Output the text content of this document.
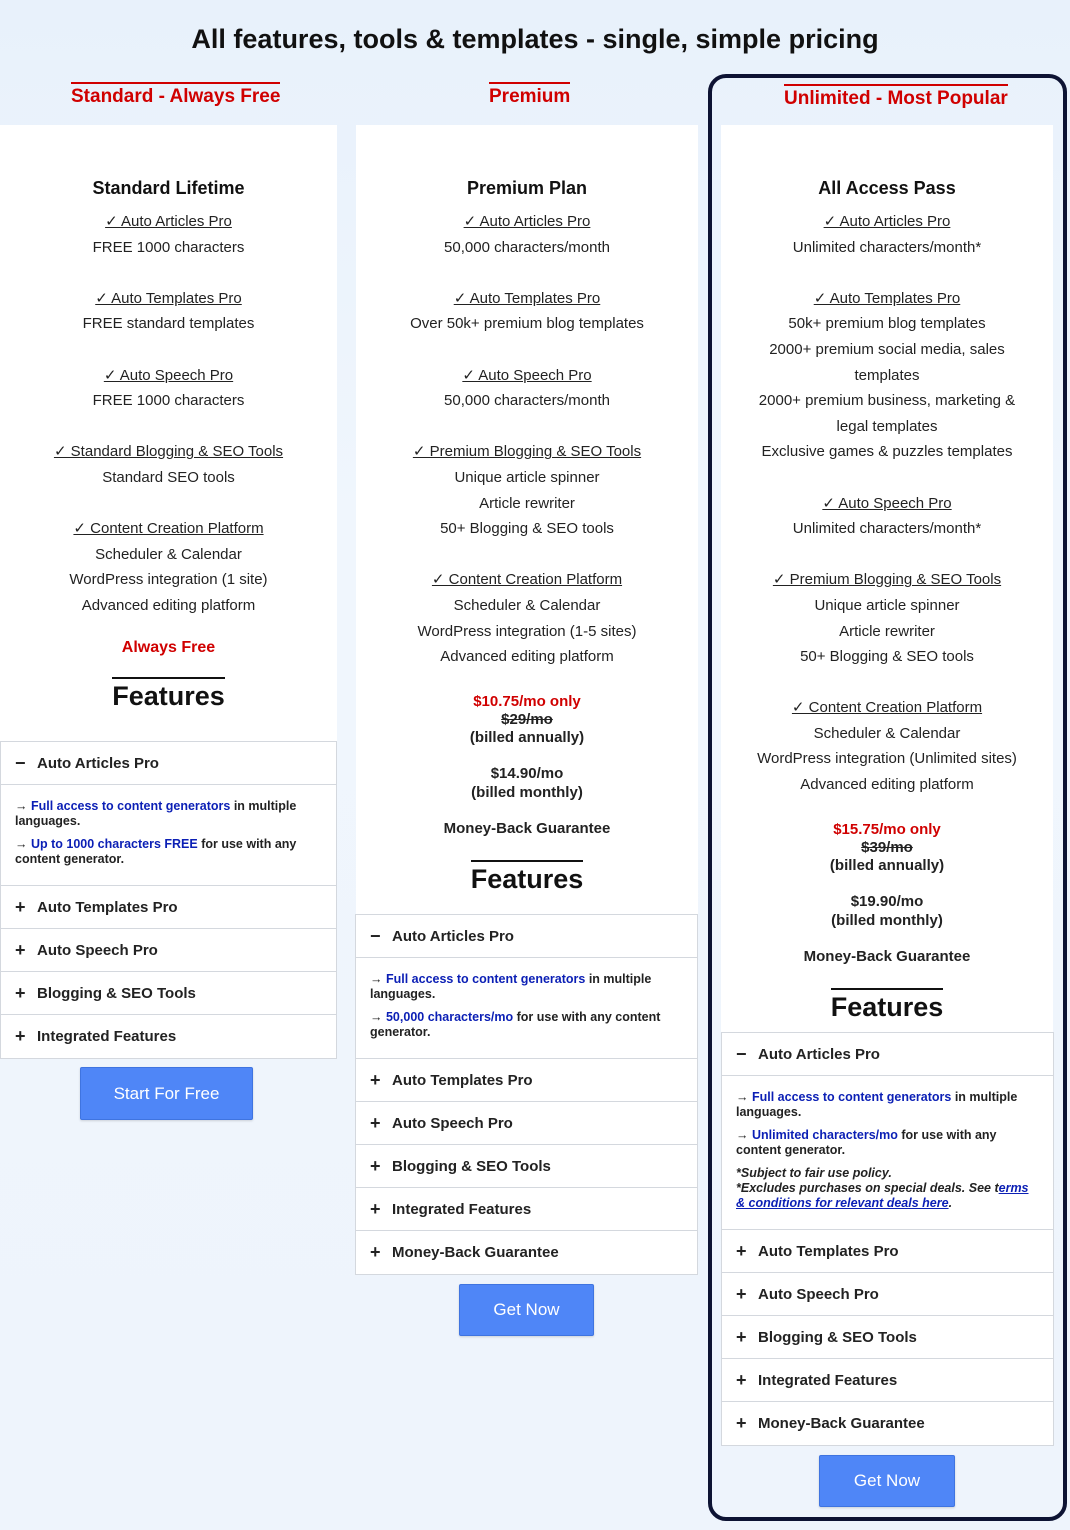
All features, tools & templates - single, simple pricing
Standard - Always Free	Premium	Unlimited - Most Popular
Standard Lifetime
✓ Auto Articles Pro
FREE 1000 characters
✓ Auto Templates Pro
FREE standard templates
✓ Auto Speech Pro
FREE 1000 characters
✓ Standard Blogging & SEO Tools
Standard SEO tools
✓ Content Creation Platform
Scheduler & Calendar
WordPress integration (1 site)
Advanced editing platform
Always Free
Features
− Auto Articles Pro

→ Full access to content generators in multiple languages.

→ Up to 1000 characters FREE for use with any content generator.

+ Auto Templates Pro
+ Auto Speech Pro
+ Blogging & SEO Tools
+ Integrated Features
Start For Free
Premium Plan
✓ Auto Articles Pro
50,000 characters/month
✓ Auto Templates Pro
Over 50k+ premium blog templates
✓ Auto Speech Pro
50,000 characters/month
✓ Premium Blogging & SEO Tools
Unique article spinner
Article rewriter
50+ Blogging & SEO tools
✓ Content Creation Platform
Scheduler & Calendar
WordPress integration (1-5 sites)
Advanced editing platform
$10.75/mo only
$29/mo
(billed annually)
$14.90/mo
(billed monthly)
Money-Back Guarantee
Features
− Auto Articles Pro

→ Full access to content generators in multiple languages.

→ 50,000 characters/mo for use with any content generator.

+ Auto Templates Pro
+ Auto Speech Pro
+ Blogging & SEO Tools
+ Integrated Features
+ Money-Back Guarantee
Get Now
All Access Pass
✓ Auto Articles Pro
Unlimited characters/month*
✓ Auto Templates Pro
50k+ premium blog templates
2000+ premium social media, sales
templates
2000+ premium business, marketing &
legal templates
Exclusive games & puzzles templates
✓ Auto Speech Pro
Unlimited characters/month*
✓ Premium Blogging & SEO Tools
Unique article spinner
Article rewriter
50+ Blogging & SEO tools
✓ Content Creation Platform
Scheduler & Calendar
WordPress integration (Unlimited sites)
Advanced editing platform
$15.75/mo only
$39/mo
(billed annually)
$19.90/mo
(billed monthly)
Money-Back Guarantee
Features
− Auto Articles Pro

→ Full access to content generators in multiple languages.

→ Unlimited characters/mo for use with any content generator.

*Subject to fair use policy.

*Excludes purchases on special deals. See terms & conditions for relevant deals here.

+ Auto Templates Pro
+ Auto Speech Pro
+ Blogging & SEO Tools
+ Integrated Features
+ Money-Back Guarantee
Get Now
